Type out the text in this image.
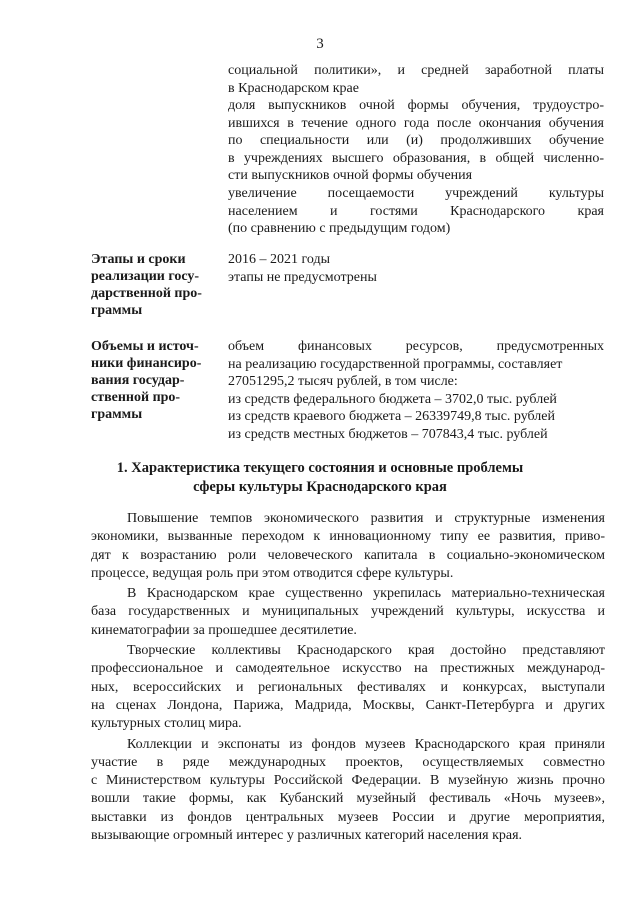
3
социальной политики», и средней заработной платы
в Краснодарском крае
доля выпускников очной формы обучения, трудоустро-
ившихся в течение одного года после окончания обучения
по специальности или (и) продолживших обучение
в учреждениях высшего образования, в общей численно-
сти выпускников очной формы обучения
увеличение посещаемости учреждений культуры
населением и гостями Краснодарского края
(по сравнению с предыдущим годом)
Этапы и сроки
реализации госу-
дарственной про-
граммы
2016 – 2021 годы
этапы не предусмотрены
Объемы и источ-
ники финансиро-
вания государ-
ственной про-
граммы
объем финансовых ресурсов, предусмотренных
на реализацию государственной программы, составляет
27051295,2 тысяч рублей, в том числе:
из средств федерального бюджета – 3702,0 тыс. рублей
из средств краевого бюджета – 26339749,8 тыс. рублей
из средств местных бюджетов – 707843,4 тыс. рублей
1. Характеристика текущего состояния и основные проблемы
сферы культуры Краснодарского края
Повышение темпов экономического развития и структурные изменения
экономики, вызванные переходом к инновационному типу ее развития, приво-
дят к возрастанию роли человеческого капитала в социально-экономическом
процессе, ведущая роль при этом отводится сфере культуры.
В Краснодарском крае существенно укрепилась материально-техническая
база государственных и муниципальных учреждений культуры, искусства и
кинематографии за прошедшее десятилетие.
Творческие коллективы Краснодарского края достойно представляют
профессиональное и самодеятельное искусство на престижных международ-
ных, всероссийских и региональных фестивалях и конкурсах, выступали
на сценах Лондона, Парижа, Мадрида, Москвы, Санкт-Петербурга и других
культурных столиц мира.
Коллекции и экспонаты из фондов музеев Краснодарского края приняли
участие в ряде международных проектов, осуществляемых совместно
с Министерством культуры Российской Федерации. В музейную жизнь прочно
вошли такие формы, как Кубанский музейный фестиваль «Ночь музеев»,
выставки из фондов центральных музеев России и другие мероприятия,
вызывающие огромный интерес у различных категорий населения края.
